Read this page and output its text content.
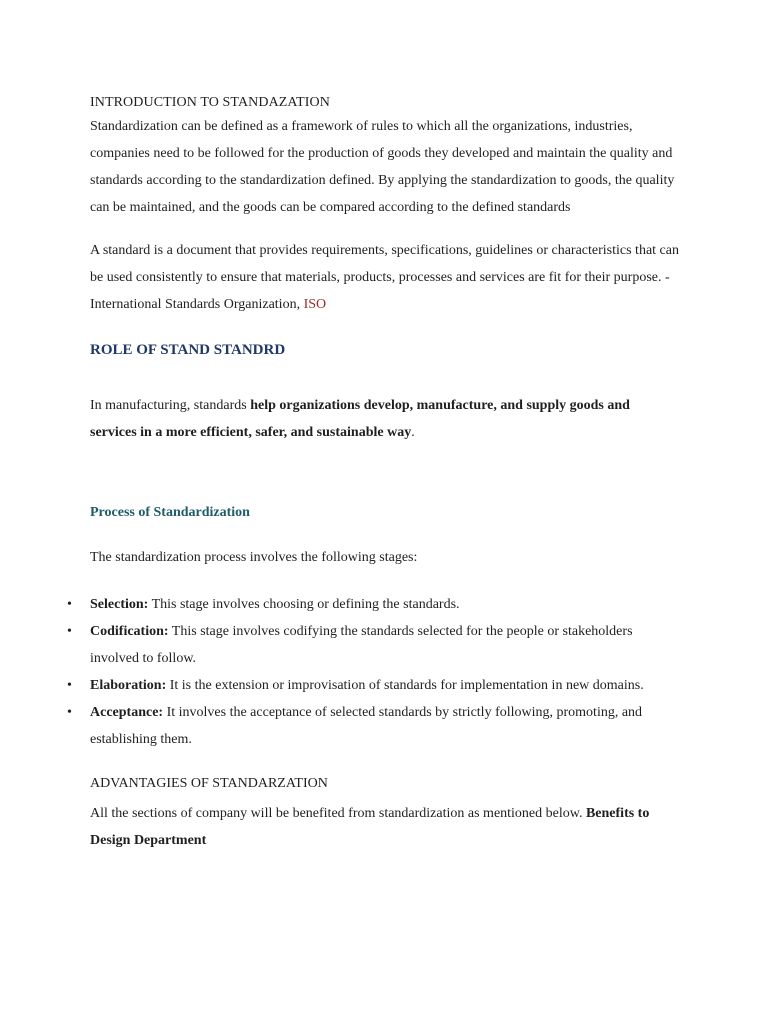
INTRODUCTION TO STANDAZATION

Standardization can be defined as a framework of rules to which all the organizations, industries, companies need to be followed for the production of goods they developed and maintain the quality and standards according to the standardization defined. By applying the standardization to goods, the quality can be maintained, and the goods can be compared according to the defined standards

A standard is a document that provides requirements, specifications, guidelines or characteristics that can be used consistently to ensure that materials, products, processes and services are fit for their purpose. - International Standards Organization, ISO

ROLE OF STAND STANDRD

In manufacturing, standards help organizations develop, manufacture, and supply goods and services in a more efficient, safer, and sustainable way.

Process of Standardization

The standardization process involves the following stages:

• Selection: This stage involves choosing or defining the standards.
• Codification: This stage involves codifying the standards selected for the people or stakeholders involved to follow.
• Elaboration: It is the extension or improvisation of standards for implementation in new domains.
• Acceptance: It involves the acceptance of selected standards by strictly following, promoting, and establishing them.
ADVANTAGIES OF STANDARZATION

All the sections of company will be benefited from standardization as mentioned below. Benefits to Design Department
